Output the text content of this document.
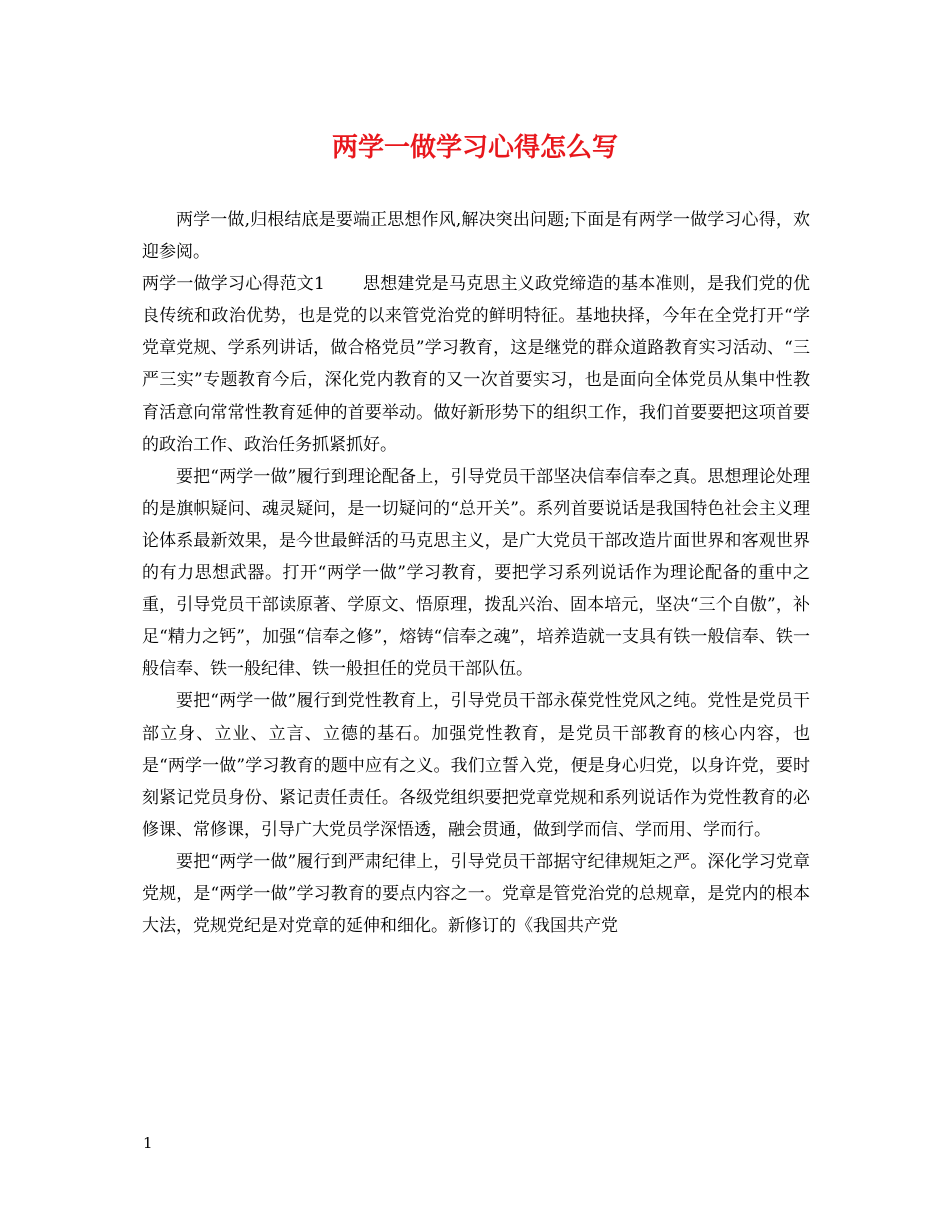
两学一做学习心得怎么写

两学一做,归根结底是要端正思想作风,解决突出问题;下面是有两学一做学习心得，欢迎参阅。

两学一做学习心得范文1 思想建党是马克思主义政党缔造的基本准则，是我们党的优良传统和政治优势，也是党的以来管党治党的鲜明特征。基地抉择，今年在全党打开“学党章党规、学系列讲话，做合格党员”学习教育，这是继党的群众道路教育实习活动、“三严三实”专题教育今后，深化党内教育的又一次首要实习，也是面向全体党员从集中性教育活意向常常性教育延伸的首要举动。做好新形势下的组织工作，我们首要要把这项首要的政治工作、政治任务抓紧抓好。

要把“两学一做”履行到理论配备上，引导党员干部坚决信奉信奉之真。思想理论处理的是旗帜疑问、魂灵疑问，是一切疑问的“总开关”。系列首要说话是我国特色社会主义理论体系最新效果，是今世最鲜活的马克思主义，是广大党员干部改造片面世界和客观世界的有力思想武器。打开“两学一做”学习教育，要把学习系列说话作为理论配备的重中之重，引导党员干部读原著、学原文、悟原理，拨乱兴治、固本培元，坚决“三个自傲”，补足“精力之钙”，加强“信奉之修”，熔铸“信奉之魂”，培养造就一支具有铁一般信奉、铁一般信奉、铁一般纪律、铁一般担任的党员干部队伍。

要把“两学一做”履行到党性教育上，引导党员干部永葆党性党风之纯。党性是党员干部立身、立业、立言、立德的基石。加强党性教育，是党员干部教育的核心内容，也是“两学一做”学习教育的题中应有之义。我们立誓入党，便是身心归党，以身许党，要时刻紧记党员身份、紧记责任责任。各级党组织要把党章党规和系列说话作为党性教育的必修课、常修课，引导广大党员学深悟透，融会贯通，做到学而信、学而用、学而行。

要把“两学一做”履行到严肃纪律上，引导党员干部据守纪律规矩之严。深化学习党章党规，是“两学一做”学习教育的要点内容之一。党章是管党治党的总规章，是党内的根本大法，党规党纪是对党章的延伸和细化。新修订的《我国共产党

1
